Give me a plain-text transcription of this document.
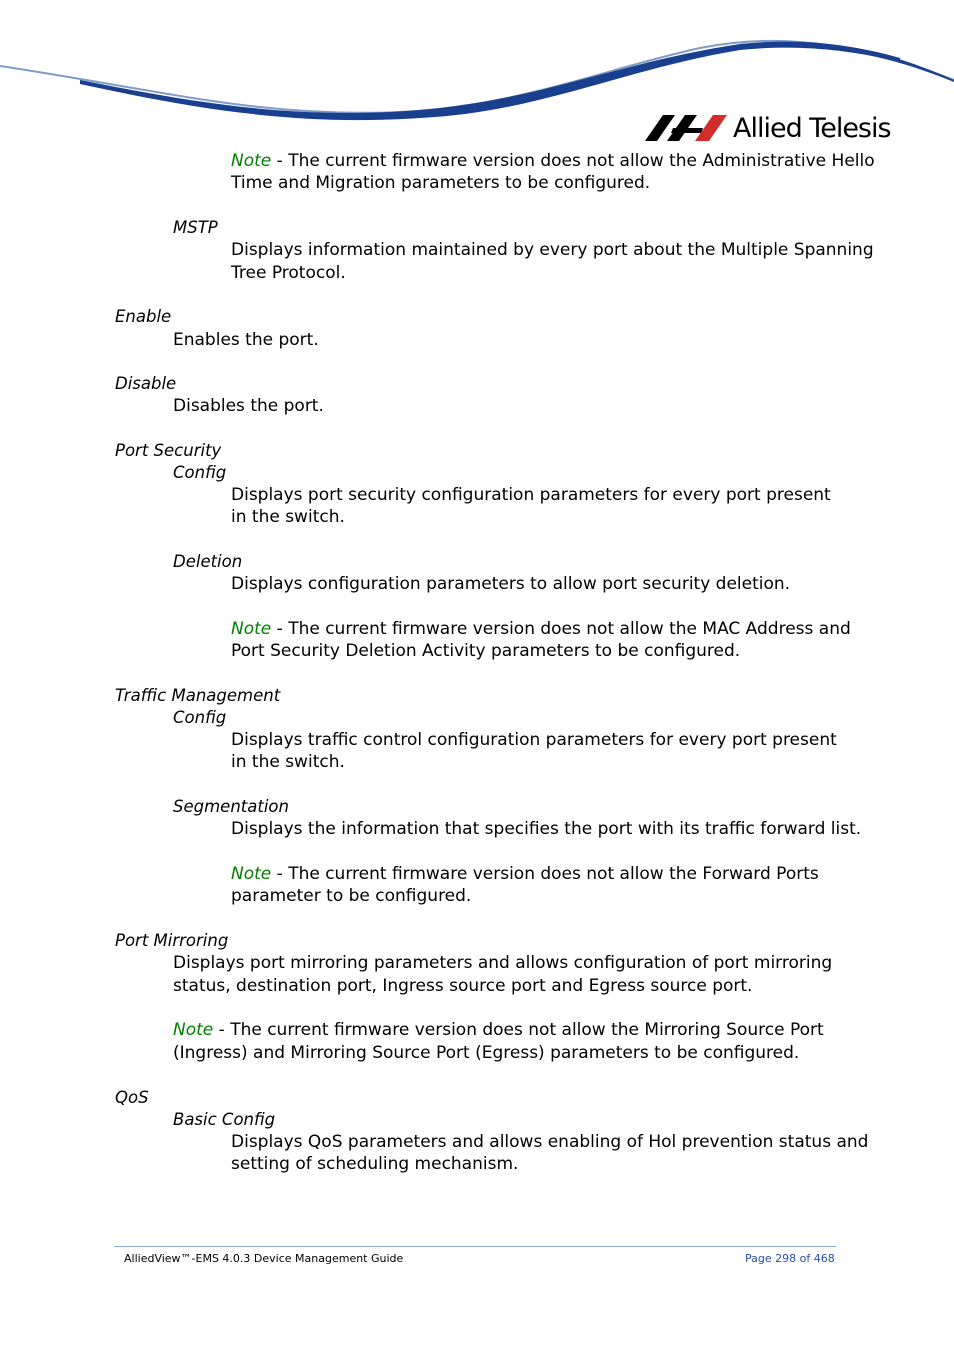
Allied Telesis
Note - The current firmware version does not allow the Administrative Hello
Time and Migration parameters to be configured.
MSTP
Displays information maintained by every port about the Multiple Spanning
Tree Protocol.
Enable
Enables the port.
Disable
Disables the port.
Port Security
Config
Displays port security configuration parameters for every port present
in the switch.
Deletion
Displays configuration parameters to allow port security deletion.
Note - The current firmware version does not allow the MAC Address and
Port Security Deletion Activity parameters to be configured.
Traffic Management
Config
Displays traffic control configuration parameters for every port present
in the switch.
Segmentation
Displays the information that specifies the port with its traffic forward list.
Note - The current firmware version does not allow the Forward Ports
parameter to be configured.
Port Mirroring
Displays port mirroring parameters and allows configuration of port mirroring
status, destination port, Ingress source port and Egress source port.
Note - The current firmware version does not allow the Mirroring Source Port
(Ingress) and Mirroring Source Port (Egress) parameters to be configured.
QoS
Basic Config
Displays QoS parameters and allows enabling of Hol prevention status and
setting of scheduling mechanism.
AlliedView™-EMS 4.0.3 Device Management Guide	Page 298 of 468
